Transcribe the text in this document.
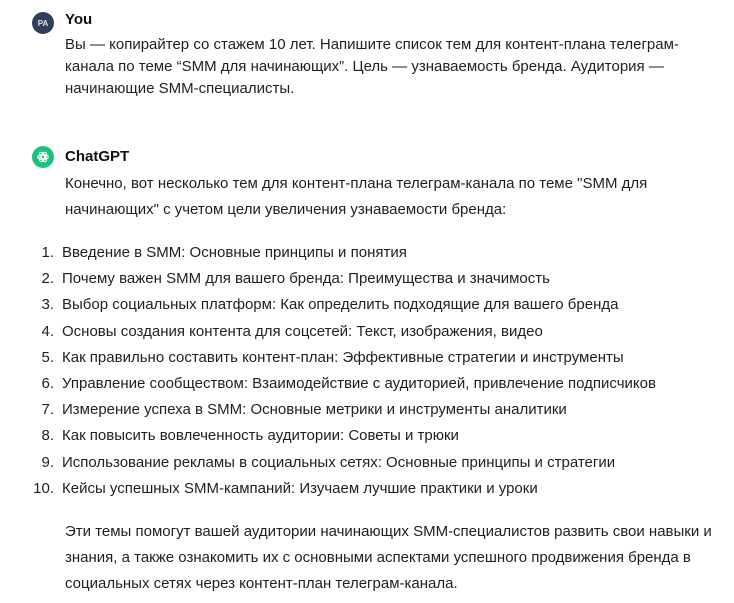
PA You
Вы — копирайтер со стажем 10 лет. Напишите список тем для контент-плана телеграм-канала по теме “SMM для начинающих”. Цель — узнаваемость бренда. Аудитория — начинающие SMM-специалисты.
ChatGPT
Конечно, вот несколько тем для контент-плана телеграм-канала по теме "SMM для начинающих" с учетом цели увеличения узнаваемости бренда:
1. Введение в SMM: Основные принципы и понятия
2. Почему важен SMM для вашего бренда: Преимущества и значимость
3. Выбор социальных платформ: Как определить подходящие для вашего бренда
4. Основы создания контента для соцсетей: Текст, изображения, видео
5. Как правильно составить контент-план: Эффективные стратегии и инструменты
6. Управление сообществом: Взаимодействие с аудиторией, привлечение подписчиков
7. Измерение успеха в SMM: Основные метрики и инструменты аналитики
8. Как повысить вовлеченность аудитории: Советы и трюки
9. Использование рекламы в социальных сетях: Основные принципы и стратегии
10. Кейсы успешных SMM-кампаний: Изучаем лучшие практики и уроки
Эти темы помогут вашей аудитории начинающих SMM-специалистов развить свои навыки и знания, а также ознакомить их с основными аспектами успешного продвижения бренда в социальных сетях через контент-план телеграм-канала.
